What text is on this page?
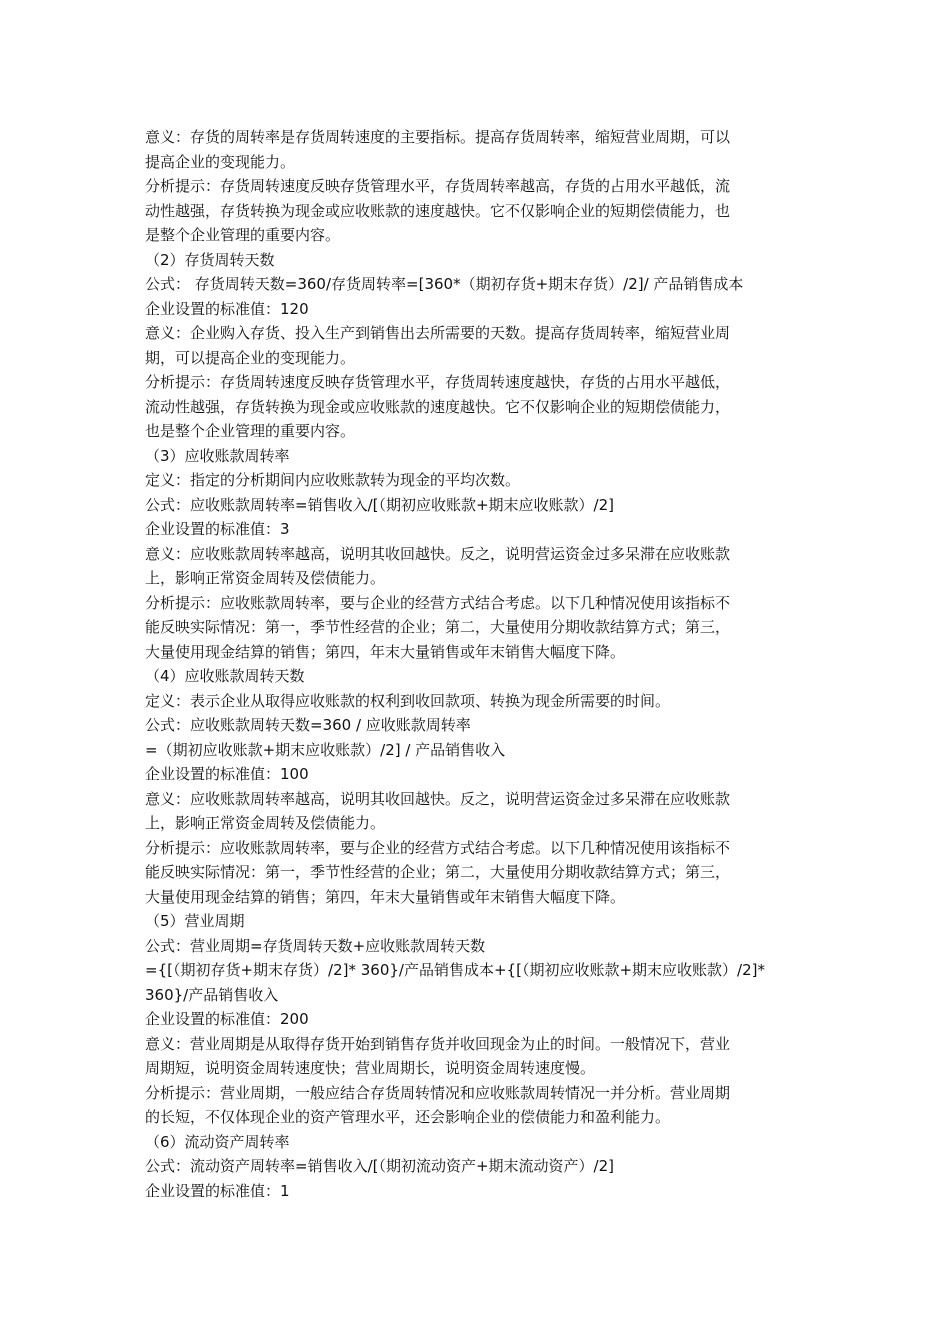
意义：存货的周转率是存货周转速度的主要指标。提高存货周转率，缩短营业周期，可以
提高企业的变现能力。
分析提示：存货周转速度反映存货管理水平，存货周转率越高，存货的占用水平越低，流
动性越强，存货转换为现金或应收账款的速度越快。它不仅影响企业的短期偿债能力，也
是整个企业管理的重要内容。
（2）存货周转天数
公式： 存货周转天数=360/存货周转率=[360*（期初存货+期末存货）/2]/ 产品销售成本
企业设置的标准值：120
意义：企业购入存货、投入生产到销售出去所需要的天数。提高存货周转率，缩短营业周
期，可以提高企业的变现能力。
分析提示：存货周转速度反映存货管理水平，存货周转速度越快，存货的占用水平越低，
流动性越强，存货转换为现金或应收账款的速度越快。它不仅影响企业的短期偿债能力，
也是整个企业管理的重要内容。
（3）应收账款周转率
定义：指定的分析期间内应收账款转为现金的平均次数。
公式：应收账款周转率=销售收入/[（期初应收账款+期末应收账款）/2]
企业设置的标准值：3
意义：应收账款周转率越高，说明其收回越快。反之，说明营运资金过多呆滞在应收账款
上，影响正常资金周转及偿债能力。
分析提示：应收账款周转率，要与企业的经营方式结合考虑。以下几种情况使用该指标不
能反映实际情况：第一，季节性经营的企业；第二，大量使用分期收款结算方式；第三，
大量使用现金结算的销售；第四，年末大量销售或年末销售大幅度下降。
（4）应收账款周转天数
定义：表示企业从取得应收账款的权利到收回款项、转换为现金所需要的时间。
公式：应收账款周转天数=360 / 应收账款周转率
=（期初应收账款+期末应收账款）/2] / 产品销售收入
企业设置的标准值：100
意义：应收账款周转率越高，说明其收回越快。反之，说明营运资金过多呆滞在应收账款
上，影响正常资金周转及偿债能力。
分析提示：应收账款周转率，要与企业的经营方式结合考虑。以下几种情况使用该指标不
能反映实际情况：第一，季节性经营的企业；第二，大量使用分期收款结算方式；第三，
大量使用现金结算的销售；第四，年末大量销售或年末销售大幅度下降。
（5）营业周期
公式：营业周期=存货周转天数+应收账款周转天数
={[（期初存货+期末存货）/2]* 360}/产品销售成本+{[（期初应收账款+期末应收账款）/2]*
360}/产品销售收入
企业设置的标准值：200
意义：营业周期是从取得存货开始到销售存货并收回现金为止的时间。一般情况下，营业
周期短，说明资金周转速度快；营业周期长，说明资金周转速度慢。
分析提示：营业周期，一般应结合存货周转情况和应收账款周转情况一并分析。营业周期
的长短，不仅体现企业的资产管理水平，还会影响企业的偿债能力和盈利能力。
（6）流动资产周转率
公式：流动资产周转率=销售收入/[（期初流动资产+期末流动资产）/2]
企业设置的标准值：1
